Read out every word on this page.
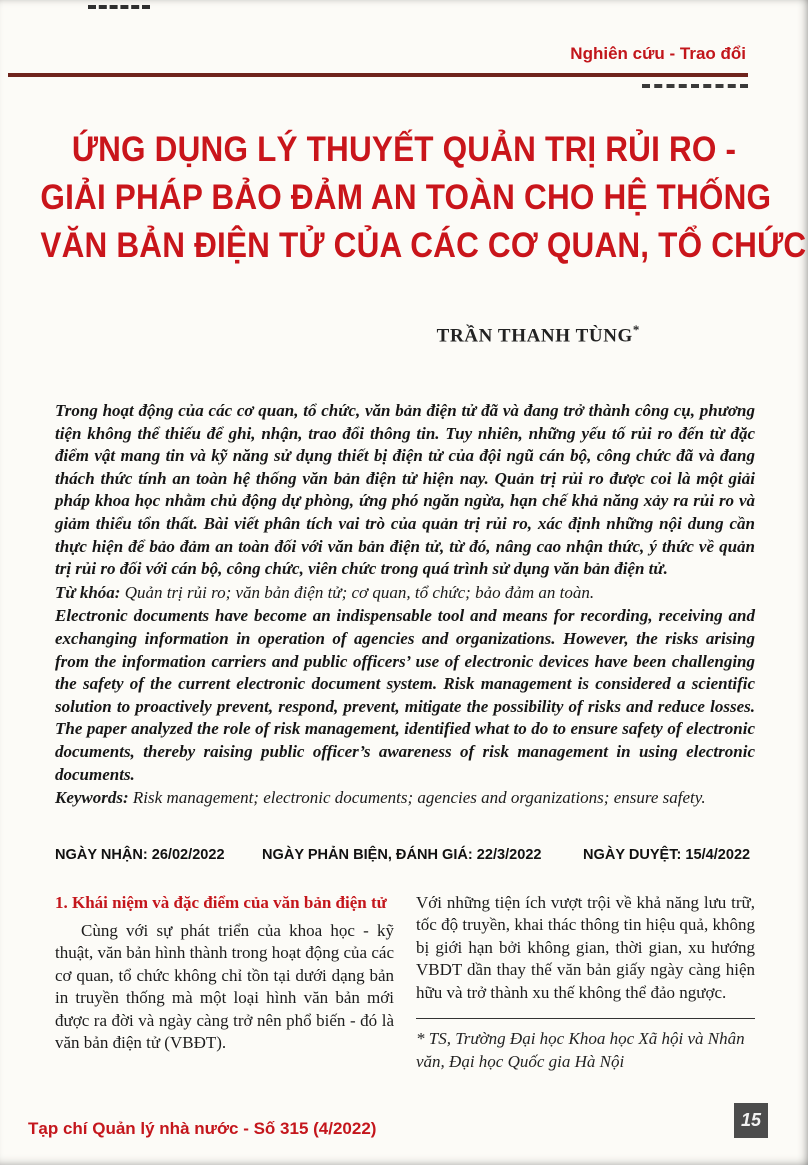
Nghiên cứu - Trao đổi
ỨNG DỤNG LÝ THUYẾT QUẢN TRỊ RỦI RO -
GIẢI PHÁP BẢO ĐẢM AN TOÀN CHO HỆ THỐNG
VĂN BẢN ĐIỆN TỬ CỦA CÁC CƠ QUAN, TỔ CHỨC
TRẦN THANH TÙNG*

Trong hoạt động của các cơ quan, tổ chức, văn bản điện tử đã và đang trở thành công cụ, phương tiện không thể thiếu để ghi, nhận, trao đổi thông tin. Tuy nhiên, những yếu tố rủi ro đến từ đặc điểm vật mang tin và kỹ năng sử dụng thiết bị điện tử của đội ngũ cán bộ, công chức đã và đang thách thức tính an toàn hệ thống văn bản điện tử hiện nay. Quản trị rủi ro được coi là một giải pháp khoa học nhằm chủ động dự phòng, ứng phó ngăn ngừa, hạn chế khả năng xảy ra rủi ro và giảm thiểu tổn thất. Bài viết phân tích vai trò của quản trị rủi ro, xác định những nội dung cần thực hiện để bảo đảm an toàn đối với văn bản điện tử, từ đó, nâng cao nhận thức, ý thức về quản trị rủi ro đối với cán bộ, công chức, viên chức trong quá trình sử dụng văn bản điện tử.

Từ khóa: Quản trị rủi ro; văn bản điện tử; cơ quan, tổ chức; bảo đảm an toàn.

Electronic documents have become an indispensable tool and means for recording, receiving and exchanging information in operation of agencies and organizations. However, the risks arising from the information carriers and public officers’ use of electronic devices have been challenging the safety of the current electronic document system. Risk management is considered a scientific solution to proactively prevent, respond, prevent, mitigate the possibility of risks and reduce losses. The paper analyzed the role of risk management, identified what to do to ensure safety of electronic documents, thereby raising public officer’s awareness of risk management in using electronic documents.

Keywords: Risk management; electronic documents; agencies and organizations; ensure safety.

NGÀY NHẬN: 26/02/2022	NGÀY PHẢN BIỆN, ĐÁNH GIÁ: 22/3/2022	NGÀY DUYỆT: 15/4/2022
1. Khái niệm và đặc điểm của văn bản điện tử

Cùng với sự phát triển của khoa học - kỹ thuật, văn bản hình thành trong hoạt động của các cơ quan, tổ chức không chỉ tồn tại dưới dạng bản in truyền thống mà một loại hình văn bản mới được ra đời và ngày càng trở nên phổ biến - đó là văn bản điện tử (VBĐT).

Với những tiện ích vượt trội về khả năng lưu trữ, tốc độ truyền, khai thác thông tin hiệu quả, không bị giới hạn bởi không gian, thời gian, xu hướng VBDT dần thay thế văn bản giấy ngày càng hiện hữu và trở thành xu thế không thể đảo ngược.

* TS, Trường Đại học Khoa học Xã hội và Nhân văn, Đại học Quốc gia Hà Nội
Tạp chí Quản lý nhà nước - Số 315 (4/2022)	15
